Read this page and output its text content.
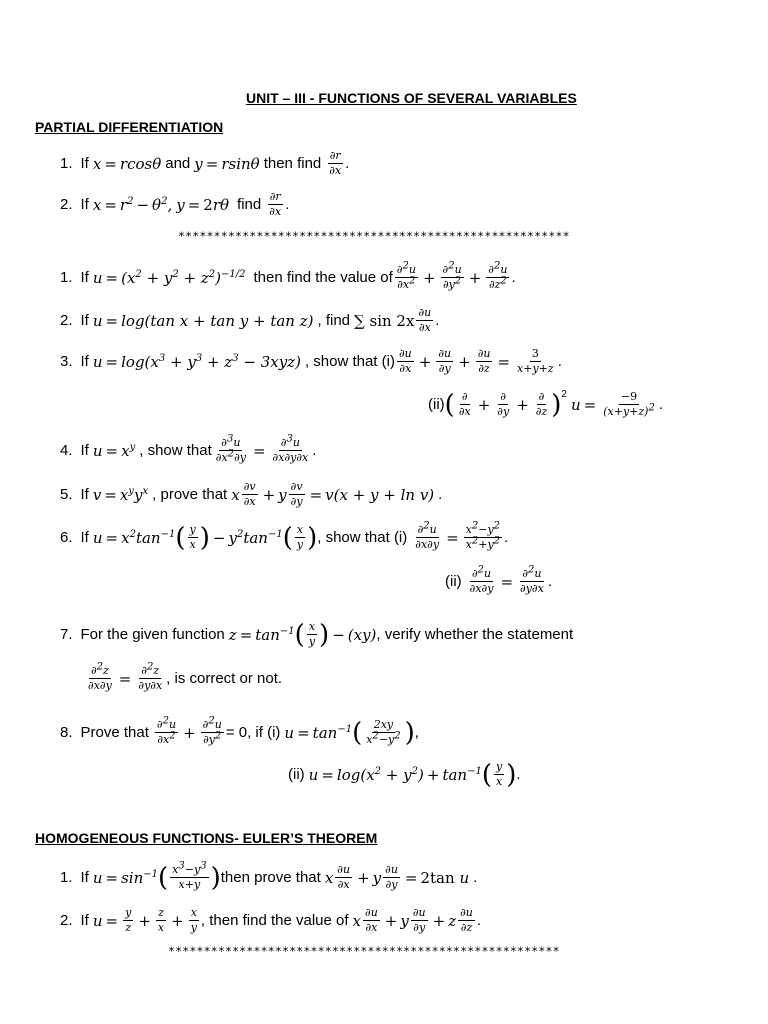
UNIT – III - FUNCTIONS OF SEVERAL VARIABLES
PARTIAL DIFFERENTIATION
1. If x = rcosθ and y = rsinθ then find $\frac{\partial r}{\partial x}$ .
2. If $x = r^2 - \theta^2$, y = 2 rθ find $\frac{\partial r}{\partial x}$ .
*******************************************************
1. If $u = (x^2 + y^2 + z^2)^{-1/2}$ then find the value of $\frac{\partial^2u}{\partial x^2} + \frac{\partial^2u}{\partial y^2} + \frac{\partial^2u}{\partial z^2}$ .
2. If u = log(tan x + tan y + tan z) , find ∑ $\sin 2x \frac{\partial u}{\partial x}$ .
3. If $u = \log(x^3 + y^3 + z^3 - 3xyz)$ , show that $(i) \frac{\partial u}{\partial x} + \frac{\partial u}{\partial y} + \frac{\partial u}{\partial z} = \frac{3}{x+y+z}$ .
(ii) ( $\frac{\partial}{\partial x} + \frac{\partial}{\partial y} + \frac{\partial}{\partial z} )^2$
$u = \frac{-9}{(x+y+z)^2}$ .
4. If $u = x^y$ , show that $\frac{\partial^3u}{\partial x^2\partial y} = \frac{\partial^3u}{\partial x\partial y\partial x}$ .
5. If $v = x^yy^x$ , prove that x $\frac{\partial v}{\partial x} + y \frac{\partial v}{\partial y} = v(x + y + \ln v)$ .
6. If $u = x^2\tan^{-1}$ ( $\frac{y}{x}$ ) − $y^2\tan^{-1}$ ( $\frac{x}{y}$ ) , show that $(i) \frac{\partial^2u}{\partial x\partial y} = \frac{x^2-y^2}{x^2+y^2}$ .
$(ii) \frac{\partial^2u}{\partial x\partial y} = \frac{\partial^2u}{\partial y\partial x}$ .
7. For the given function $z = \tan^{-1}$ ( $\frac{x}{y}$ ) − (xy) , verify whether the statement
$\frac{\partial^2z}{\partial x\partial y} = \frac{\partial^2z}{\partial y\partial x}$ , is correct or not.
8. Prove that $\frac{\partial^2u}{\partial x^2} + \frac{\partial^2u}{\partial y^2} = 0$, if (i) $u = \tan^{-1}$ ( $\frac{2xy}{x^2-y^2}$ ) ,
(ii) $u = \log(x^2 + y^2) + \tan^{-1}$ ( $\frac{y}{x}$ ) .
HOMOGENEOUS FUNCTIONS- EULER’S THEOREM
1. If $u = \sin^{-1}$ ( $\frac{x^3-y^3}{x+y}$ ) then prove that x $\frac{\partial u}{\partial x} + y \frac{\partial u}{\partial y} = 2\tan$ u .
2. If $u = \frac{y}{z} + \frac{z}{x} + \frac{x}{y}$ , then find the value of x $\frac{\partial u}{\partial x} + y \frac{\partial u}{\partial y} + z \frac{\partial u}{\partial z}$ .
*******************************************************
